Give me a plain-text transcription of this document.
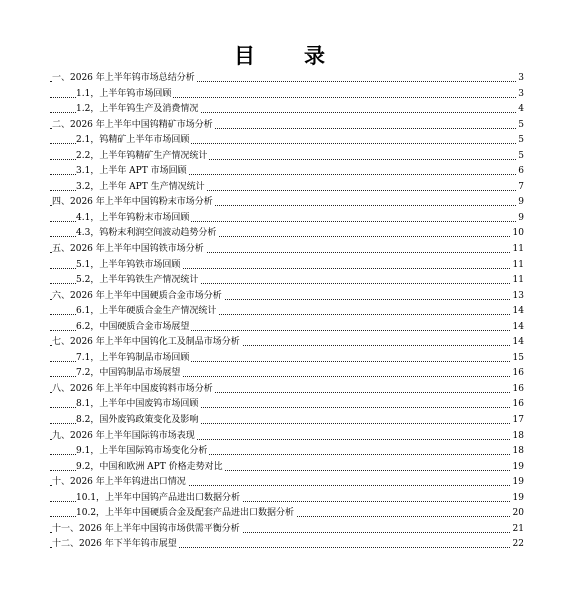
目　录
一、2026 年上半年钨市场总结分析	3
1.1，上半年钨市场回顾	3
1.2，上半年钨生产及消费情况	4
二、2026 年上半年中国钨精矿市场分析	5
2.1，钨精矿上半年市场回顾	5
2.2，上半年钨精矿生产情况统计	5
3.1，上半年 APT 市场回顾	6
3.2，上半年 APT 生产情况统计	7
四、2026 年上半年中国钨粉末市场分析	9
4.1，上半年钨粉末市场回顾	9
4.3，钨粉末利润空间波动趋势分析	10
五、2026 年上半年中国钨铁市场分析	11
5.1，上半年钨铁市场回顾	11
5.2，上半年钨铁生产情况统计	11
六、2026 年上半年中国硬质合金市场分析	13
6.1，上半年硬质合金生产情况统计	14
6.2，中国硬质合金市场展望	14
七、2026 年上半年中国钨化工及制品市场分析	14
7.1，上半年钨制品市场回顾	15
7.2，中国钨制品市场展望	16
八、2026 年上半年中国废钨料市场分析	16
8.1，上半年中国废钨市场回顾	16
8.2，国外废钨政策变化及影响	17
九、2026 年上半年国际钨市场表现	18
9.1，上半年国际钨市场变化分析	18
9.2，中国和欧洲 APT 价格走势对比	19
十、2026 年上半年钨进出口情况	19
10.1，上半年中国钨产品进出口数据分析	19
10.2，上半年中国硬质合金及配套产品进出口数据分析	20
十一、2026 年上半年中国钨市场供需平衡分析	21
十二、2026 年下半年钨市展望	22
